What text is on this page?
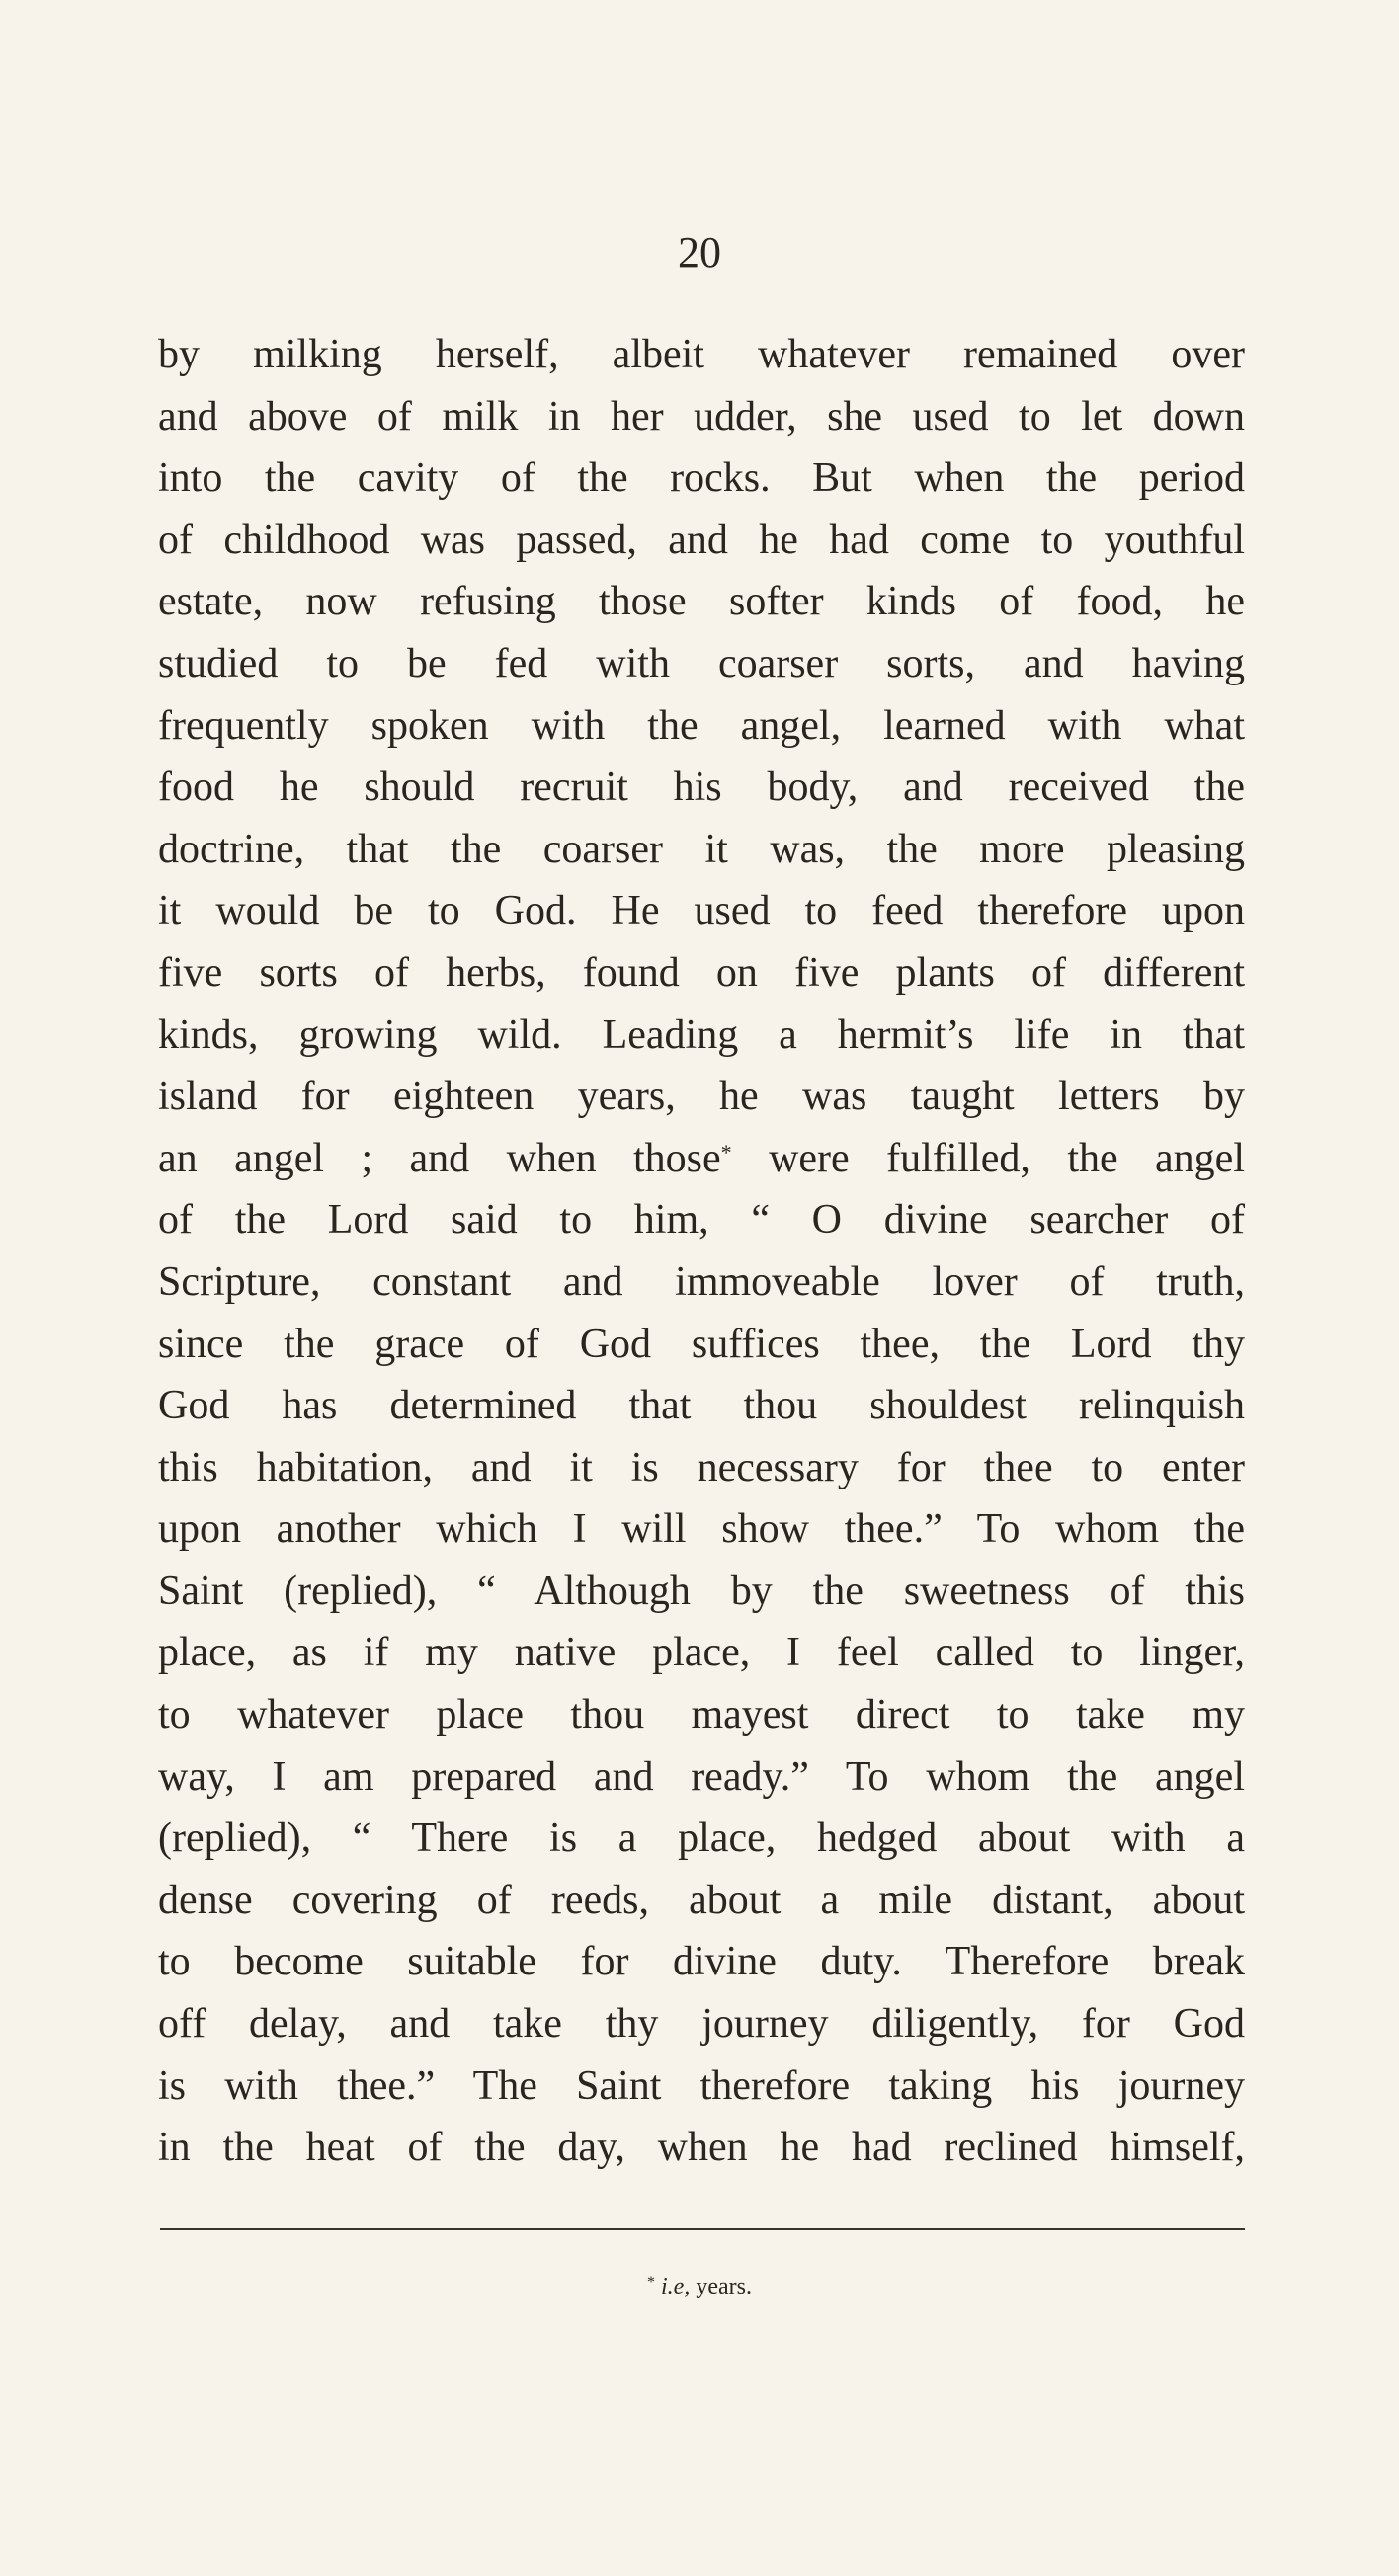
20
by milking herself, albeit whatever remained over
and above of milk in her udder, she used to let down
into the cavity of the rocks. But when the period
of childhood was passed, and he had come to youthful
estate, now refusing those softer kinds of food, he
studied to be fed with coarser sorts, and having
frequently spoken with the angel, learned with what
food he should recruit his body, and received the
doctrine, that the coarser it was, the more pleasing
it would be to God. He used to feed therefore upon
five sorts of herbs, found on five plants of different
kinds, growing wild. Leading a hermit’s life in that
island for eighteen years, he was taught letters by
an angel ; and when those* were fulfilled, the angel
of the Lord said to him, “ O divine searcher of
Scripture, constant and immoveable lover of truth,
since the grace of God suffices thee, the Lord thy
God has determined that thou shouldest relinquish
this habitation, and it is necessary for thee to enter
upon another which I will show thee.” To whom the
Saint (replied), “ Although by the sweetness of this
place, as if my native place, I feel called to linger,
to whatever place thou mayest direct to take my
way, I am prepared and ready.” To whom the angel
(replied), “ There is a place, hedged about with a
dense covering of reeds, about a mile distant, about
to become suitable for divine duty. Therefore break
off delay, and take thy journey diligently, for God
is with thee.” The Saint therefore taking his journey
in the heat of the day, when he had reclined himself,
* i.e, years.
